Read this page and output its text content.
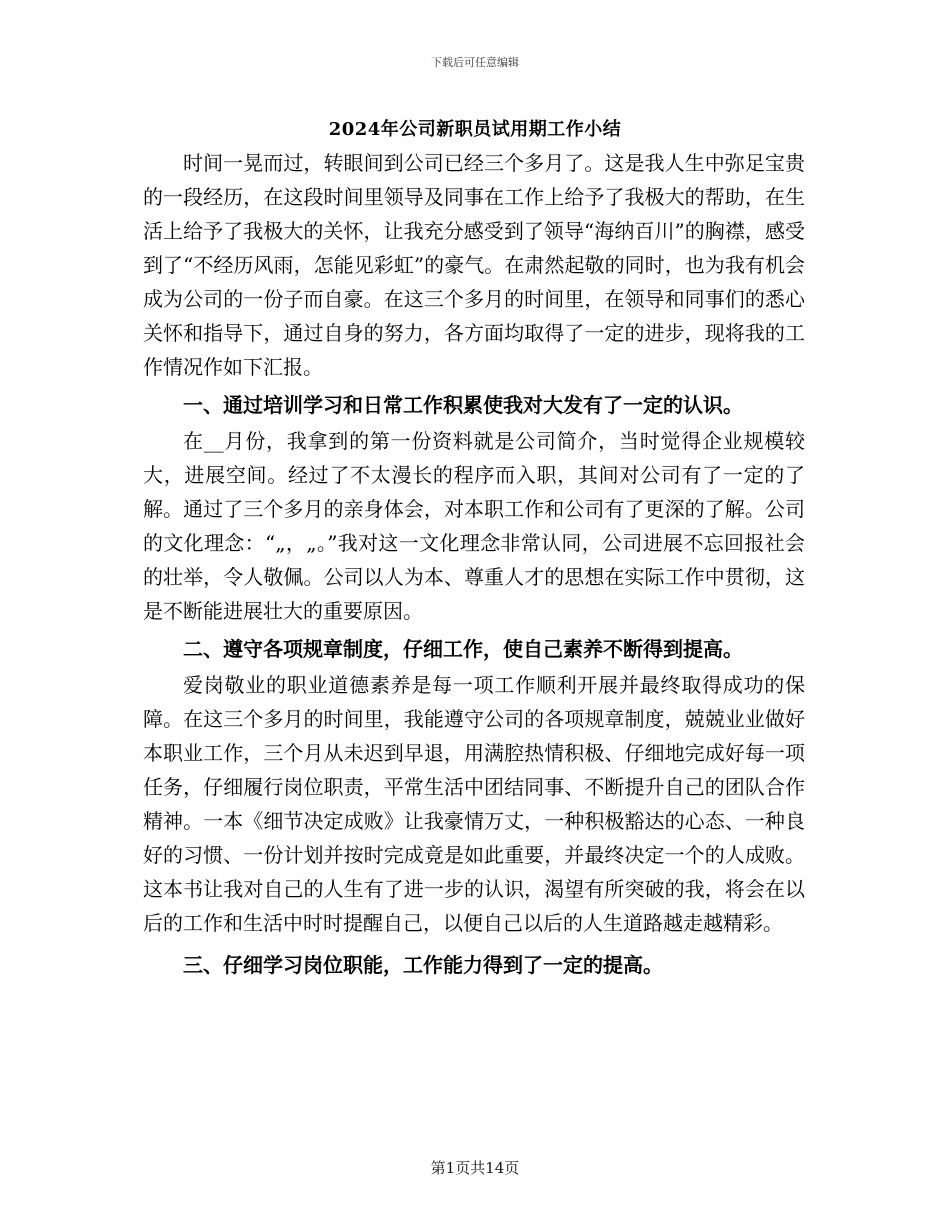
下载后可任意编辑
2024年公司新职员试用期工作小结

时间一晃而过，转眼间到公司已经三个多月了。这是我人生中弥足宝贵的一段经历，在这段时间里领导及同事在工作上给予了我极大的帮助，在生活上给予了我极大的关怀，让我充分感受到了领导“海纳百川”的胸襟，感受到了“不经历风雨，怎能见彩虹”的豪气。在肃然起敬的同时，也为我有机会成为公司的一份子而自豪。在这三个多月的时间里，在领导和同事们的悉心关怀和指导下，通过自身的努力，各方面均取得了一定的进步，现将我的工作情况作如下汇报。

一、通过培训学习和日常工作积累使我对大发有了一定的认识。

在__月份，我拿到的第一份资料就是公司简介，当时觉得企业规模较大，进展空间。经过了不太漫长的程序而入职，其间对公司有了一定的了解。通过了三个多月的亲身体会，对本职工作和公司有了更深的了解。公司的文化理念：“„，„。”我对这一文化理念非常认同，公司进展不忘回报社会的壮举，令人敬佩。公司以人为本、尊重人才的思想在实际工作中贯彻，这是不断能进展壮大的重要原因。

二、遵守各项规章制度，仔细工作，使自己素养不断得到提高。

爱岗敬业的职业道德素养是每一项工作顺利开展并最终取得成功的保障。在这三个多月的时间里，我能遵守公司的各项规章制度，兢兢业业做好本职业工作，三个月从未迟到早退，用满腔热情积极、仔细地完成好每一项任务，仔细履行岗位职责，平常生活中团结同事、不断提升自己的团队合作精神。一本《细节决定成败》让我豪情万丈，一种积极豁达的心态、一种良好的习惯、一份计划并按时完成竟是如此重要，并最终决定一个的人成败。这本书让我对自己的人生有了进一步的认识，渴望有所突破的我，将会在以后的工作和生活中时时提醒自己，以便自己以后的人生道路越走越精彩。

三、仔细学习岗位职能，工作能力得到了一定的提高。

第1页共14页
